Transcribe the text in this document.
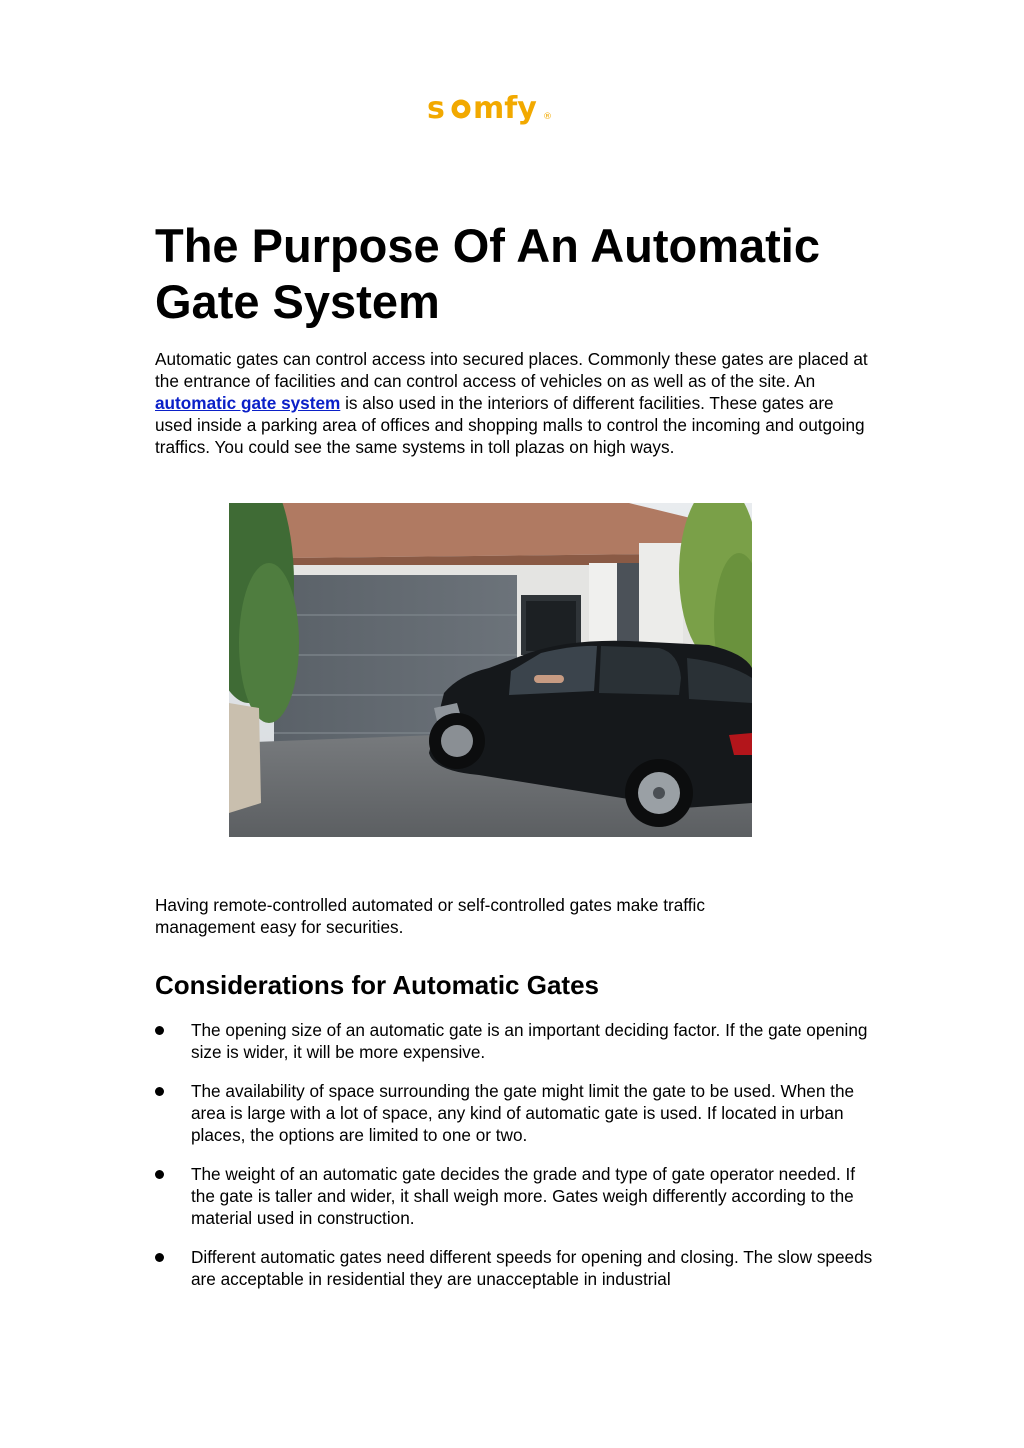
s mfy ®
The Purpose Of An Automatic Gate System

Automatic gates can control access into secured places. Commonly these gates are placed at the entrance of facilities and can control access of vehicles on as well as of the site. An automatic gate system is also used in the interiors of different facilities. These gates are used inside a parking area of offices and shopping malls to control the incoming and outgoing traffics. You could see the same systems in toll plazas on high ways.

Having remote-controlled automated or self-controlled gates make traffic management easy for securities.

Considerations for Automatic Gates
The opening size of an automatic gate is an important deciding factor. If the gate opening size is wider, it will be more expensive.
The availability of space surrounding the gate might limit the gate to be used. When the area is large with a lot of space, any kind of automatic gate is used. If located in urban places, the options are limited to one or two.
The weight of an automatic gate decides the grade and type of gate operator needed. If the gate is taller and wider, it shall weigh more. Gates weigh differently according to the material used in construction.
Different automatic gates need different speeds for opening and closing. The slow speeds are acceptable in residential they are unacceptable in industrial
